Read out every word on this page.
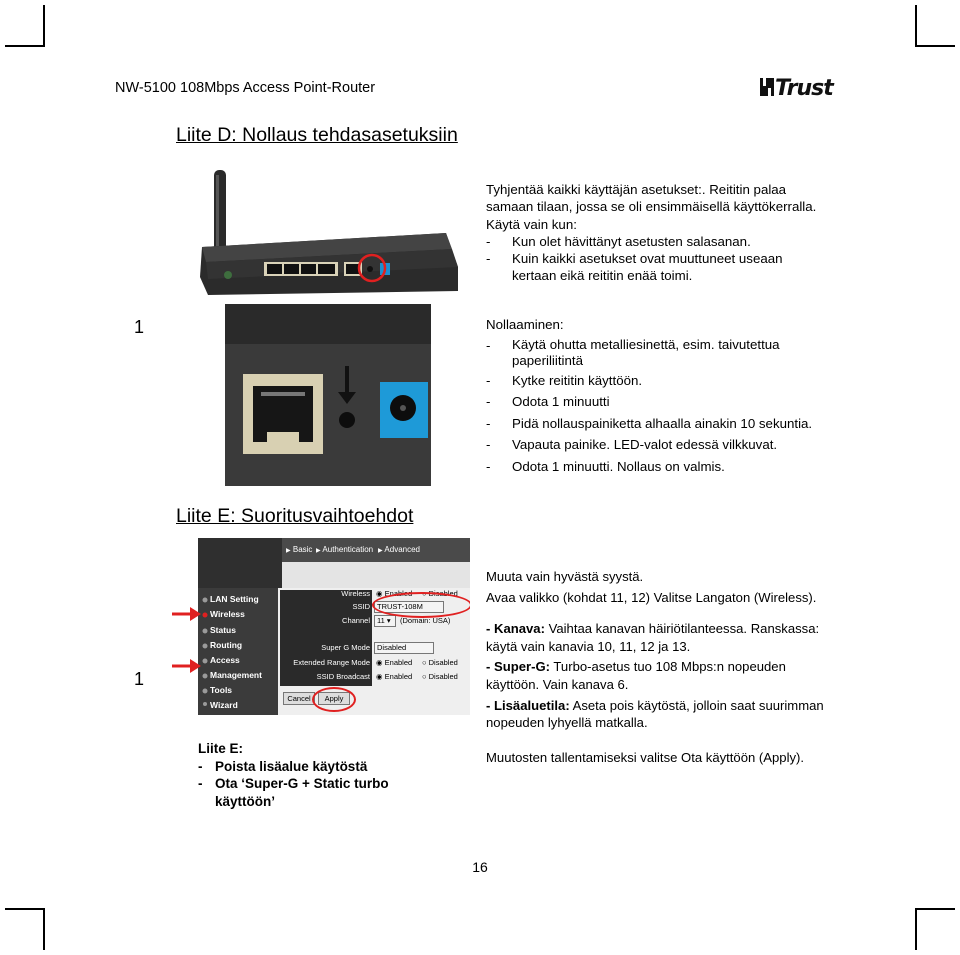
NW-5100 108Mbps Access Point-Router	Trust
Liite D: Nollaus tehdasasetuksiin
1

Tyhjentää kaikki käyttäjän asetukset:. Reititin palaa

samaan tilaan, jossa se oli ensimmäisellä käyttökerralla.

Käytä vain kun:

-	Kun olet hävittänyt asetusten salasanan.
-	Kuin kaikki asetukset ovat muuttuneet useaan kertaan eikä reititin enää toimi.

Nollaaminen:

-	Käytä ohutta metalliesinettä, esim. taivutettua paperiliitintä
-	Kytke reititin käyttöön.
-	Odota 1 minuutti
-	Pidä nollauspainiketta alhaalla ainakin 10 sekuntia.
-	Vapauta painike. LED-valot edessä vilkkuvat.
-	Odota 1 minuutti. Nollaus on valmis.
Liite E: Suoritusvaihtoehdot
1
▶ Basic ▶ Authentication ▶ Advanced
LAN Setting
Wireless
Status
Routing
Access
Management
Tools
Wizard
Wireless ◉ Enabled ○ Disabled
SSID TRUST-108M
Channel 11 ▾	(Domain: USA)
Super G Mode Disabled
Extended Range Mode ◉ Enabled ○ Disabled
SSID Broadcast ◉ Enabled ○ Disabled
Cancel	Apply
Liite E:
- Poista lisäalue käytöstä
- Ota ‘Super-G + Static turbo käyttöön’

Muuta vain hyvästä syystä.

Avaa valikko (kohdat 11, 12) Valitse Langaton (Wireless).

- Kanava: Vaihtaa kanavan häiriötilanteessa. Ranskassa: käytä vain kanavia 10, 11, 12 ja 13.

- Super-G: Turbo-asetus tuo 108 Mbps:n nopeuden käyttöön. Vain kanava 6.

- Lisäaluetila: Aseta pois käytöstä, jolloin saat suurimman nopeuden lyhyellä matkalla.

Muutosten tallentamiseksi valitse Ota käyttöön (Apply).

16
